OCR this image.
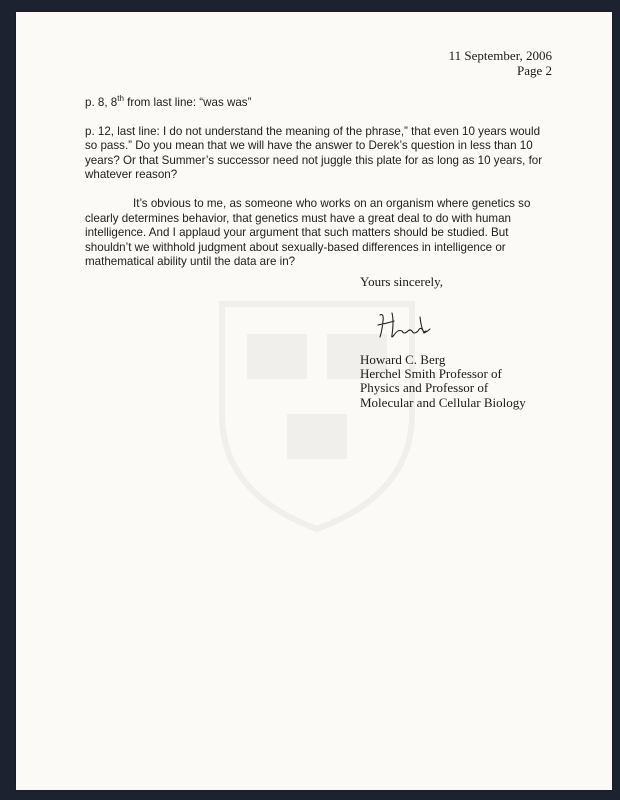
11 September, 2006
Page 2

p. 8, 8th from last line: “was was”

p. 12, last line: I do not understand the meaning of the phrase,” that even 10 years would so pass.” Do you mean that we will have the answer to Derek’s question in less than 10 years? Or that Summer’s successor need not juggle this plate for as long as 10 years, for whatever reason?

It’s obvious to me, as someone who works on an organism where genetics so clearly determines behavior, that genetics must have a great deal to do with human intelligence. And I applaud your argument that such matters should be studied. But shouldn’t we withhold judgment about sexually-based differences in intelligence or mathematical ability until the data are in?

Yours sincerely,
Howard C. Berg
Herchel Smith Professor of
Physics and Professor of
Molecular and Cellular Biology
